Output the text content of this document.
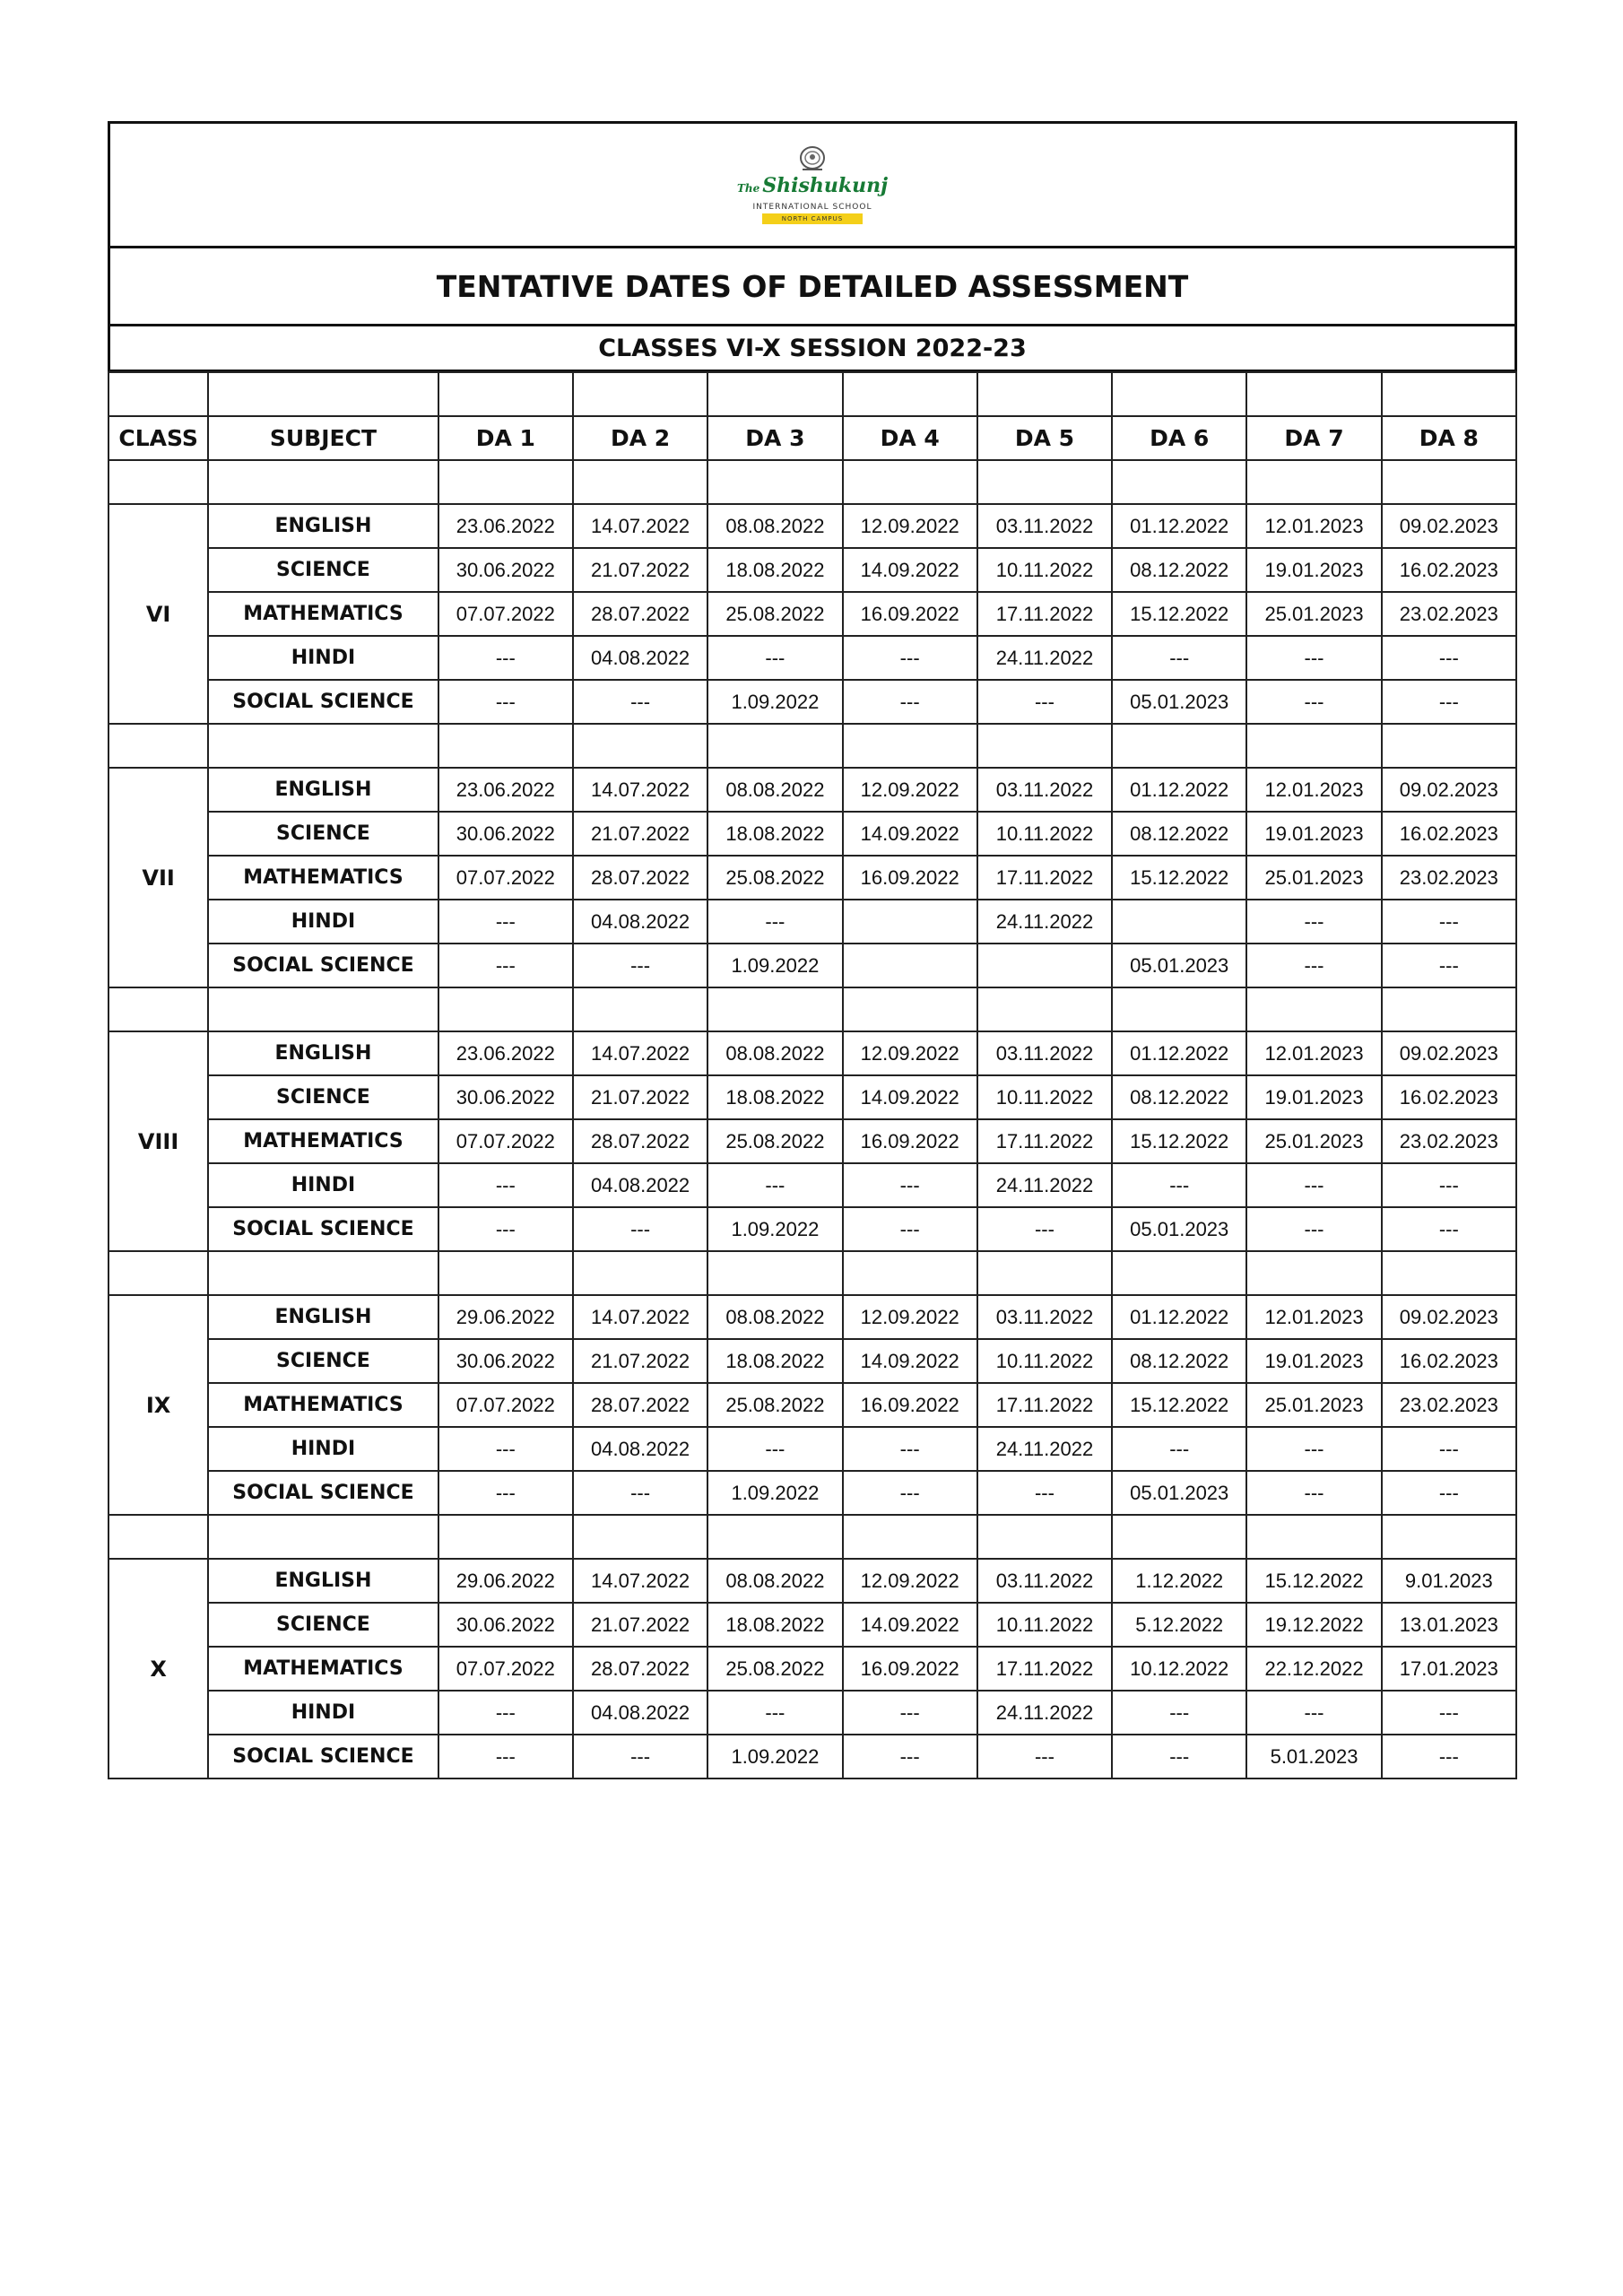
The Shishukunj
INTERNATIONAL SCHOOL
NORTH CAMPUS
TENTATIVE DATES OF DETAILED ASSESSMENT
CLASSES VI-X SESSION 2022-23

CLASS	SUBJECT	DA 1	DA 2	DA 3	DA 4	DA 5	DA 6	DA 7	DA 8

VI	ENGLISH	23.06.2022	14.07.2022	08.08.2022	12.09.2022	03.11.2022	01.12.2022	12.01.2023	09.02.2023
	SCIENCE	30.06.2022	21.07.2022	18.08.2022	14.09.2022	10.11.2022	08.12.2022	19.01.2023	16.02.2023
	MATHEMATICS	07.07.2022	28.07.2022	25.08.2022	16.09.2022	17.11.2022	15.12.2022	25.01.2023	23.02.2023
	HINDI	---	04.08.2022	---	---	24.11.2022	---	---	---
	SOCIAL SCIENCE	---	---	1.09.2022	---	---	05.01.2023	---	---

VII	ENGLISH	23.06.2022	14.07.2022	08.08.2022	12.09.2022	03.11.2022	01.12.2022	12.01.2023	09.02.2023
	SCIENCE	30.06.2022	21.07.2022	18.08.2022	14.09.2022	10.11.2022	08.12.2022	19.01.2023	16.02.2023
	MATHEMATICS	07.07.2022	28.07.2022	25.08.2022	16.09.2022	17.11.2022	15.12.2022	25.01.2023	23.02.2023
	HINDI	---	04.08.2022	---		24.11.2022		---	---
	SOCIAL SCIENCE	---	---	1.09.2022			05.01.2023	---	---

VIII	ENGLISH	23.06.2022	14.07.2022	08.08.2022	12.09.2022	03.11.2022	01.12.2022	12.01.2023	09.02.2023
	SCIENCE	30.06.2022	21.07.2022	18.08.2022	14.09.2022	10.11.2022	08.12.2022	19.01.2023	16.02.2023
	MATHEMATICS	07.07.2022	28.07.2022	25.08.2022	16.09.2022	17.11.2022	15.12.2022	25.01.2023	23.02.2023
	HINDI	---	04.08.2022	---	---	24.11.2022	---	---	---
	SOCIAL SCIENCE	---	---	1.09.2022	---	---	05.01.2023	---	---

IX	ENGLISH	29.06.2022	14.07.2022	08.08.2022	12.09.2022	03.11.2022	01.12.2022	12.01.2023	09.02.2023
	SCIENCE	30.06.2022	21.07.2022	18.08.2022	14.09.2022	10.11.2022	08.12.2022	19.01.2023	16.02.2023
	MATHEMATICS	07.07.2022	28.07.2022	25.08.2022	16.09.2022	17.11.2022	15.12.2022	25.01.2023	23.02.2023
	HINDI	---	04.08.2022	---	---	24.11.2022	---	---	---
	SOCIAL SCIENCE	---	---	1.09.2022	---	---	05.01.2023	---	---

X	ENGLISH	29.06.2022	14.07.2022	08.08.2022	12.09.2022	03.11.2022	1.12.2022	15.12.2022	9.01.2023
	SCIENCE	30.06.2022	21.07.2022	18.08.2022	14.09.2022	10.11.2022	5.12.2022	19.12.2022	13.01.2023
	MATHEMATICS	07.07.2022	28.07.2022	25.08.2022	16.09.2022	17.11.2022	10.12.2022	22.12.2022	17.01.2023
	HINDI	---	04.08.2022	---	---	24.11.2022	---	---	---
	SOCIAL SCIENCE	---	---	1.09.2022	---	---	---	5.01.2023	---
